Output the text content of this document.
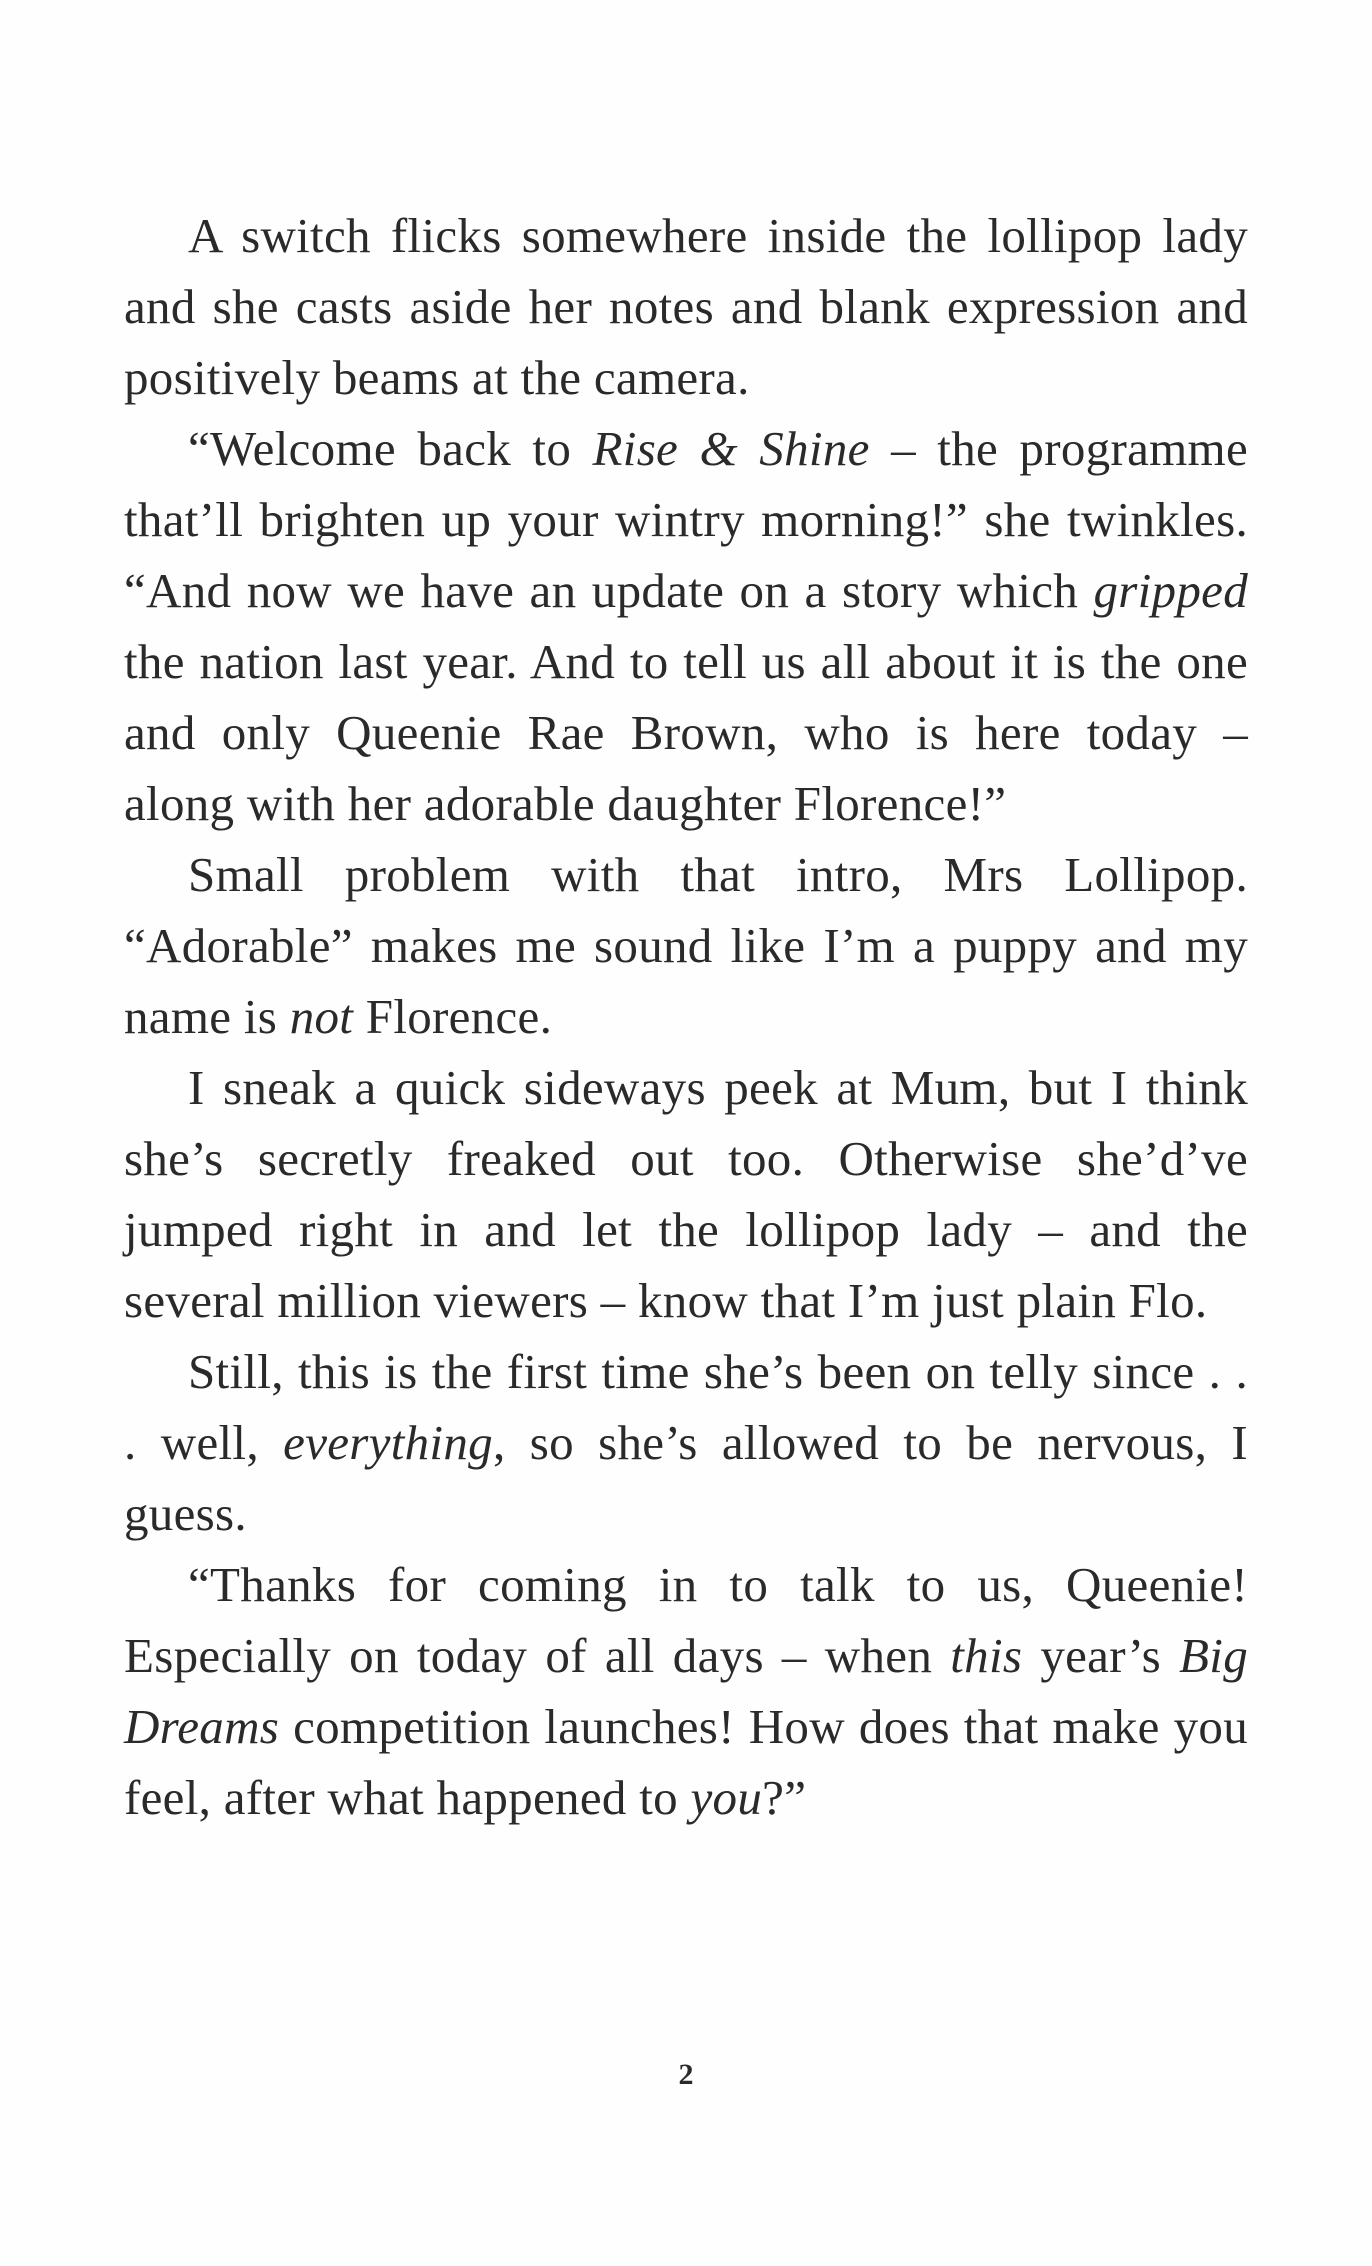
A switch flicks somewhere inside the lollipop lady and she casts aside her notes and blank expression and positively beams at the camera.

“Welcome back to Rise & Shine – the programme that’ll brighten up your wintry morning!” she twinkles. “And now we have an update on a story which gripped the nation last year. And to tell us all about it is the one and only Queenie Rae Brown, who is here today – along with her adorable daughter Florence!”

Small problem with that intro, Mrs Lollipop. “Adorable” makes me sound like I’m a puppy and my name is not Florence.

I sneak a quick sideways peek at Mum, but I think she’s secretly freaked out too. Otherwise she’d’ve jumped right in and let the lollipop lady – and the several million viewers – know that I’m just plain Flo.

Still, this is the first time she’s been on telly since . . . well, everything, so she’s allowed to be nervous, I guess.

“Thanks for coming in to talk to us, Queenie! Especially on today of all days – when this year’s Big Dreams competition launches! How does that make you feel, after what happened to you?”

2
